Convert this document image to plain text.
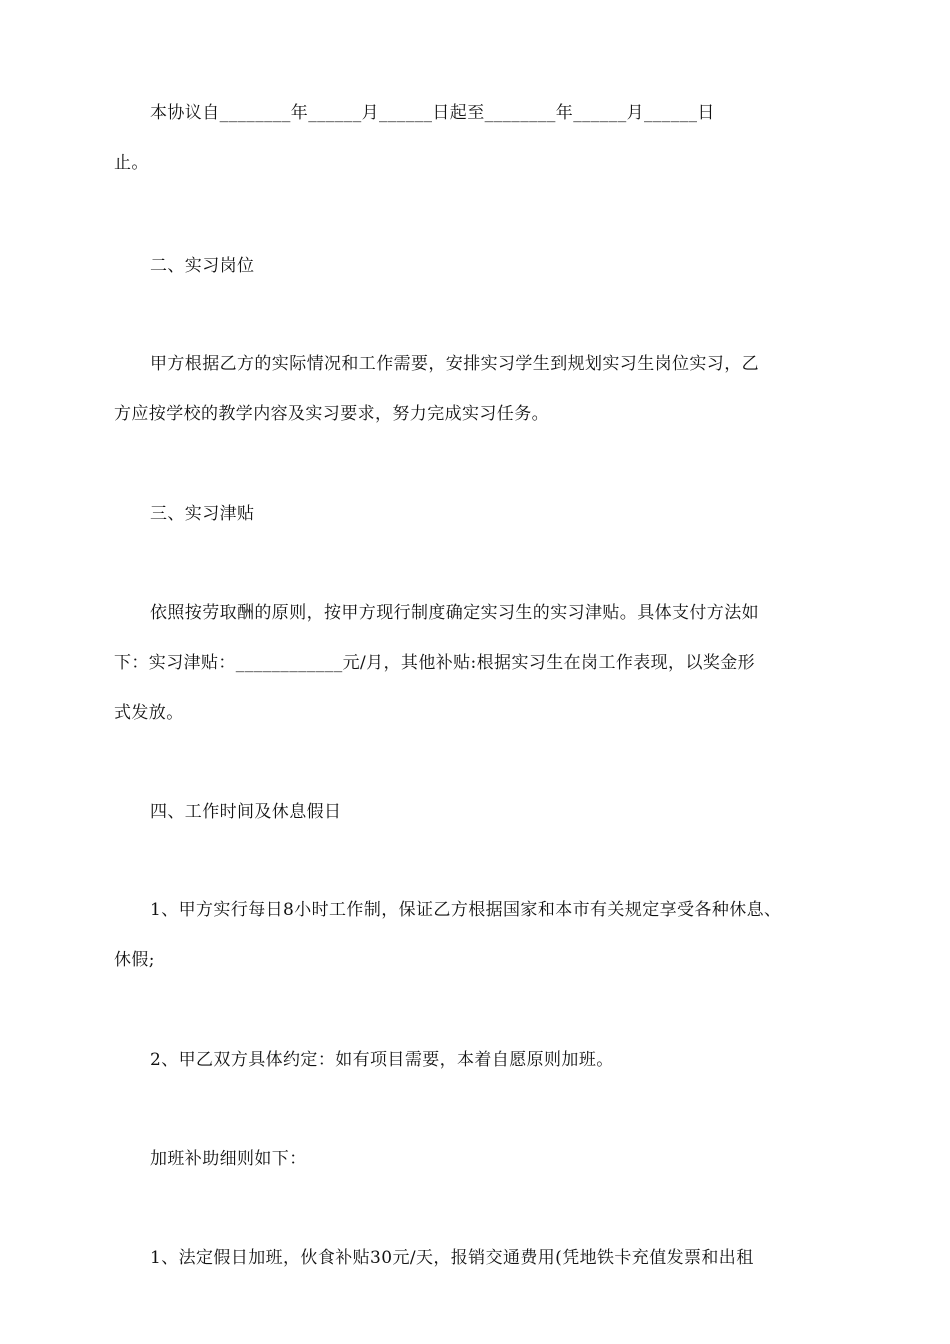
本协议自________年______月______日起至________年______月______日
止。
二、实习岗位
甲方根据乙方的实际情况和工作需要，安排实习学生到规划实习生岗位实习，乙
方应按学校的教学内容及实习要求，努力完成实习任务。
三、实习津贴
依照按劳取酬的原则，按甲方现行制度确定实习生的实习津贴。具体支付方法如
下：实习津贴：____________元/月，其他补贴:根据实习生在岗工作表现，以奖金形
式发放。
四、工作时间及休息假日
1、甲方实行每日8小时工作制，保证乙方根据国家和本市有关规定享受各种休息、
休假;
2、甲乙双方具体约定：如有项目需要，本着自愿原则加班。
加班补助细则如下：
1、法定假日加班，伙食补贴30元/天，报销交通费用(凭地铁卡充值发票和出租
